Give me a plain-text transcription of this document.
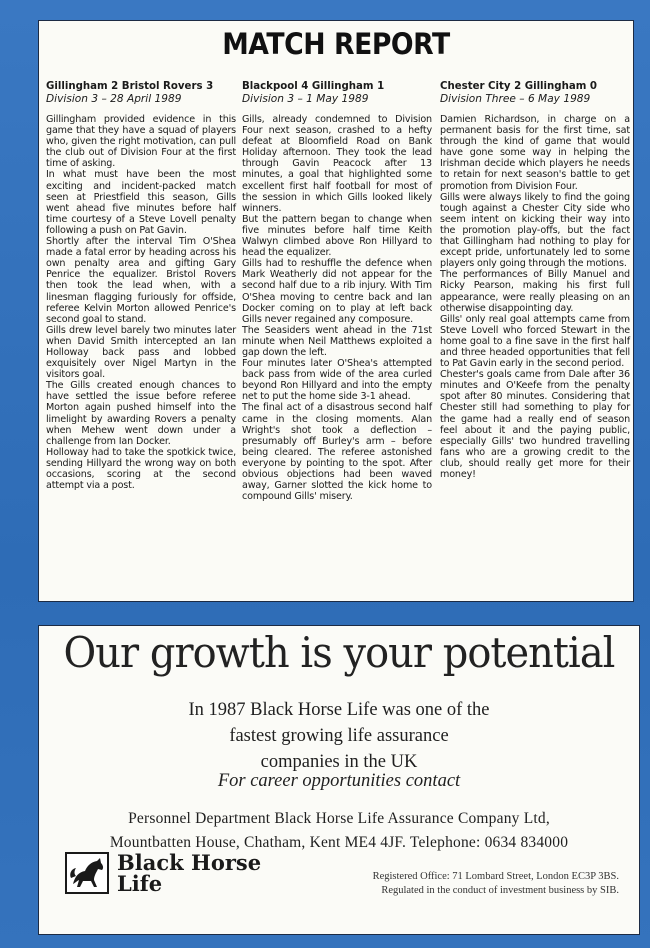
MATCH REPORT
Gillingham 2 Bristol Rovers 3
Division 3 – 28 April 1989

Gillingham provided evidence in this game that they have a squad of players who, given the right motivation, can pull the club out of Division Four at the first time of asking.

In what must have been the most exciting and incident-packed match seen at Priestfield this season, Gills went ahead five minutes before half time courtesy of a Steve Lovell penalty following a push on Pat Gavin.

Shortly after the interval Tim O'Shea made a fatal error by heading across his own penalty area and gifting Gary Penrice the equalizer. Bristol Rovers then took the lead when, with a linesman flagging furiously for offside, referee Kelvin Morton allowed Penrice's second goal to stand.

Gills drew level barely two minutes later when David Smith intercepted an Ian Holloway back pass and lobbed exquisitely over Nigel Martyn in the visitors goal.

The Gills created enough chances to have settled the issue before referee Morton again pushed himself into the limelight by awarding Rovers a penalty when Mehew went down under a challenge from Ian Docker.

Holloway had to take the spotkick twice, sending Hillyard the wrong way on both occasions, scoring at the second attempt via a post.

Blackpool 4 Gillingham 1
Division 3 – 1 May 1989

Gills, already condemned to Division Four next season, crashed to a hefty defeat at Bloomfield Road on Bank Holiday afternoon. They took the lead through Gavin Peacock after 13 minutes, a goal that highlighted some excellent first half football for most of the session in which Gills looked likely winners.

But the pattern began to change when five minutes before half time Keith Walwyn climbed above Ron Hillyard to head the equalizer.

Gills had to reshuffle the defence when Mark Weatherly did not appear for the second half due to a rib injury. With Tim O'Shea moving to centre back and Ian Docker coming on to play at left back Gills never regained any composure.

The Seasiders went ahead in the 71st minute when Neil Matthews exploited a gap down the left.

Four minutes later O'Shea's attempted back pass from wide of the area curled beyond Ron Hillyard and into the empty net to put the home side 3-1 ahead.

The final act of a disastrous second half came in the closing moments. Alan Wright's shot took a deflection – presumably off Burley's arm – before being cleared. The referee astonished everyone by pointing to the spot. After obvious objections had been waved away, Garner slotted the kick home to compound Gills' misery.

Chester City 2 Gillingham 0
Division Three – 6 May 1989

Damien Richardson, in charge on a permanent basis for the first time, sat through the kind of game that would have gone some way in helping the Irishman decide which players he needs to retain for next season's battle to get promotion from Division Four.

Gills were always likely to find the going tough against a Chester City side who seem intent on kicking their way into the promotion play-offs, but the fact that Gillingham had nothing to play for except pride, unfortunately led to some players only going through the motions.

The performances of Billy Manuel and Ricky Pearson, making his first full appearance, were really pleasing on an otherwise disappointing day.

Gills' only real goal attempts came from Steve Lovell who forced Stewart in the home goal to a fine save in the first half and three headed opportunities that fell to Pat Gavin early in the second period.

Chester's goals came from Dale after 36 minutes and O'Keefe from the penalty spot after 80 minutes. Considering that Chester still had something to play for the game had a really end of season feel about it and the paying public, especially Gills' two hundred travelling fans who are a growing credit to the club, should really get more for their money!

Our growth is your potential
In 1987 Black Horse Life was one of the
fastest growing life assurance
companies in the UK
For career opportunities contact
Personnel Department Black Horse Life Assurance Company Ltd,
Mountbatten House, Chatham, Kent ME4 4JF. Telephone: 0634 834000
Black Horse
Life	Registered Office: 71 Lombard Street, London EC3P 3BS.
Regulated in the conduct of investment business by SIB.
